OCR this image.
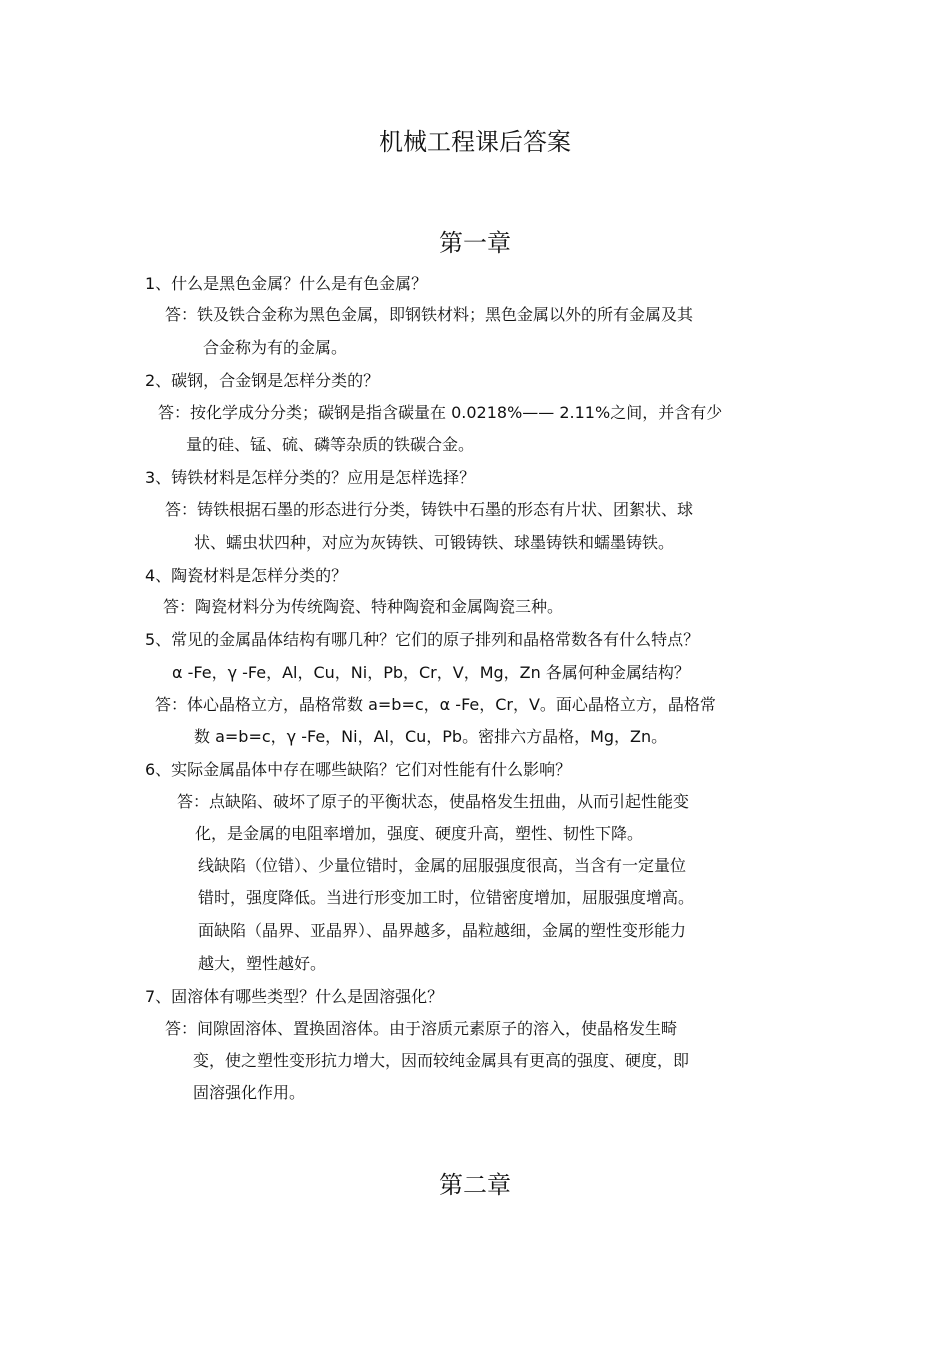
机械工程课后答案
第一章
1、什么是黑色金属？什么是有色金属？
答：铁及铁合金称为黑色金属，即钢铁材料；黑色金属以外的所有金属及其
合金称为有的金属。
2、碳钢，合金钢是怎样分类的？
答：按化学成分分类；碳钢是指含碳量在 0.0218%—— 2.11%之间，并含有少
量的硅、锰、硫、磷等杂质的铁碳合金。
3、铸铁材料是怎样分类的？应用是怎样选择？
答：铸铁根据石墨的形态进行分类，铸铁中石墨的形态有片状、团絮状、球
状、蠕虫状四种，对应为灰铸铁、可锻铸铁、球墨铸铁和蠕墨铸铁。
4、陶瓷材料是怎样分类的？
答：陶瓷材料分为传统陶瓷、特种陶瓷和金属陶瓷三种。
5、常见的金属晶体结构有哪几种？它们的原子排列和晶格常数各有什么特点？
α -Fe，γ -Fe，Al，Cu，Ni，Pb，Cr，V，Mg，Zn 各属何种金属结构？
答：体心晶格立方，晶格常数 a=b=c，α -Fe，Cr，V。面心晶格立方，晶格常
数 a=b=c，γ -Fe，Ni，Al，Cu，Pb。密排六方晶格，Mg，Zn。
6、实际金属晶体中存在哪些缺陷？它们对性能有什么影响？
答：点缺陷、破坏了原子的平衡状态，使晶格发生扭曲，从而引起性能变
化，是金属的电阻率增加，强度、硬度升高，塑性、韧性下降。
线缺陷（位错）、少量位错时，金属的屈服强度很高，当含有一定量位
错时，强度降低。当进行形变加工时，位错密度增加，屈服强度增高。
面缺陷（晶界、亚晶界）、晶界越多，晶粒越细，金属的塑性变形能力
越大，塑性越好。
7、固溶体有哪些类型？什么是固溶强化？
答：间隙固溶体、置换固溶体。由于溶质元素原子的溶入，使晶格发生畸
变，使之塑性变形抗力增大，因而较纯金属具有更高的强度、硬度，即
固溶强化作用。
第二章
